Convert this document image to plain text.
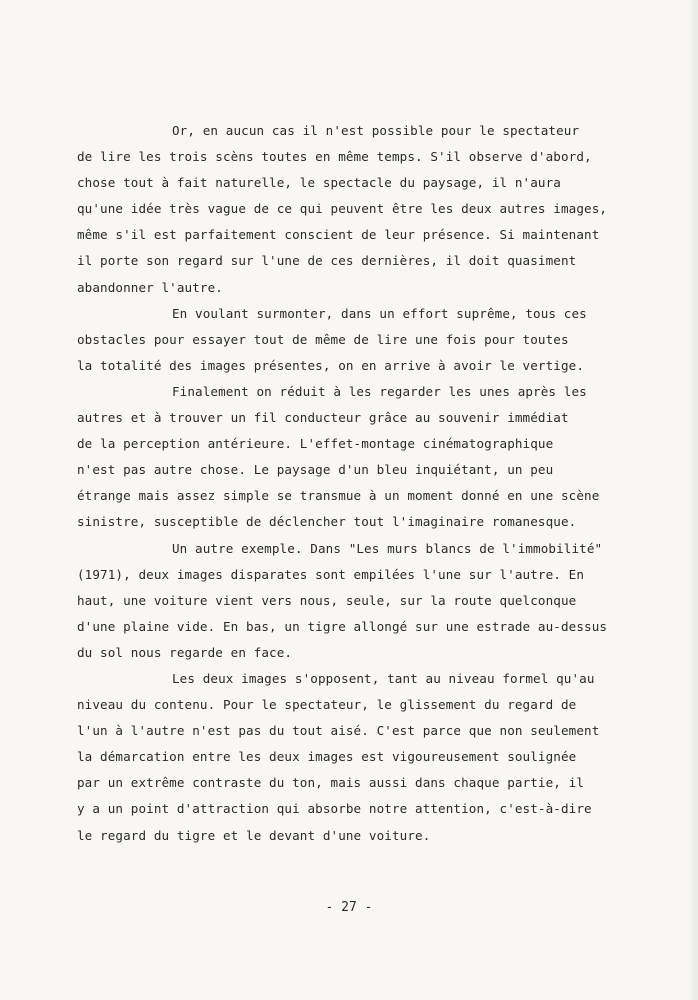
Or, en aucun cas il n'est possible pour le spectateur
de lire les trois scèns toutes en même temps. S'il observe d'abord,
chose tout à fait naturelle, le spectacle du paysage, il n'aura
qu'une idée très vague de ce qui peuvent être les deux autres images,
même s'il est parfaitement conscient de leur présence. Si maintenant
il porte son regard sur l'une de ces dernières, il doit quasiment
abandonner l'autre.
En voulant surmonter, dans un effort suprême, tous ces
obstacles pour essayer tout de même de lire une fois pour toutes
la totalité des images présentes, on en arrive à avoir le vertige.
Finalement on réduit à les regarder les unes après les
autres et à trouver un fil conducteur grâce au souvenir immédiat
de la perception antérieure. L'effet-montage cinématographique
n'est pas autre chose. Le paysage d'un bleu inquiétant, un peu
étrange mais assez simple se transmue à un moment donné en une scène
sinistre, susceptible de déclencher tout l'imaginaire romanesque.
Un autre exemple. Dans "Les murs blancs de l'immobilité"
(1971), deux images disparates sont empilées l'une sur l'autre. En
haut, une voiture vient vers nous, seule, sur la route quelconque
d'une plaine vide. En bas, un tigre allongé sur une estrade au-dessus
du sol nous regarde en face.
Les deux images s'opposent, tant au niveau formel qu'au
niveau du contenu. Pour le spectateur, le glissement du regard de
l'un à l'autre n'est pas du tout aisé. C'est parce que non seulement
la démarcation entre les deux images est vigoureusement soulignée
par un extrême contraste du ton, mais aussi dans chaque partie, il
y a un point d'attraction qui absorbe notre attention, c'est-à-dire
le regard du tigre et le devant d'une voiture.
- 27 -
